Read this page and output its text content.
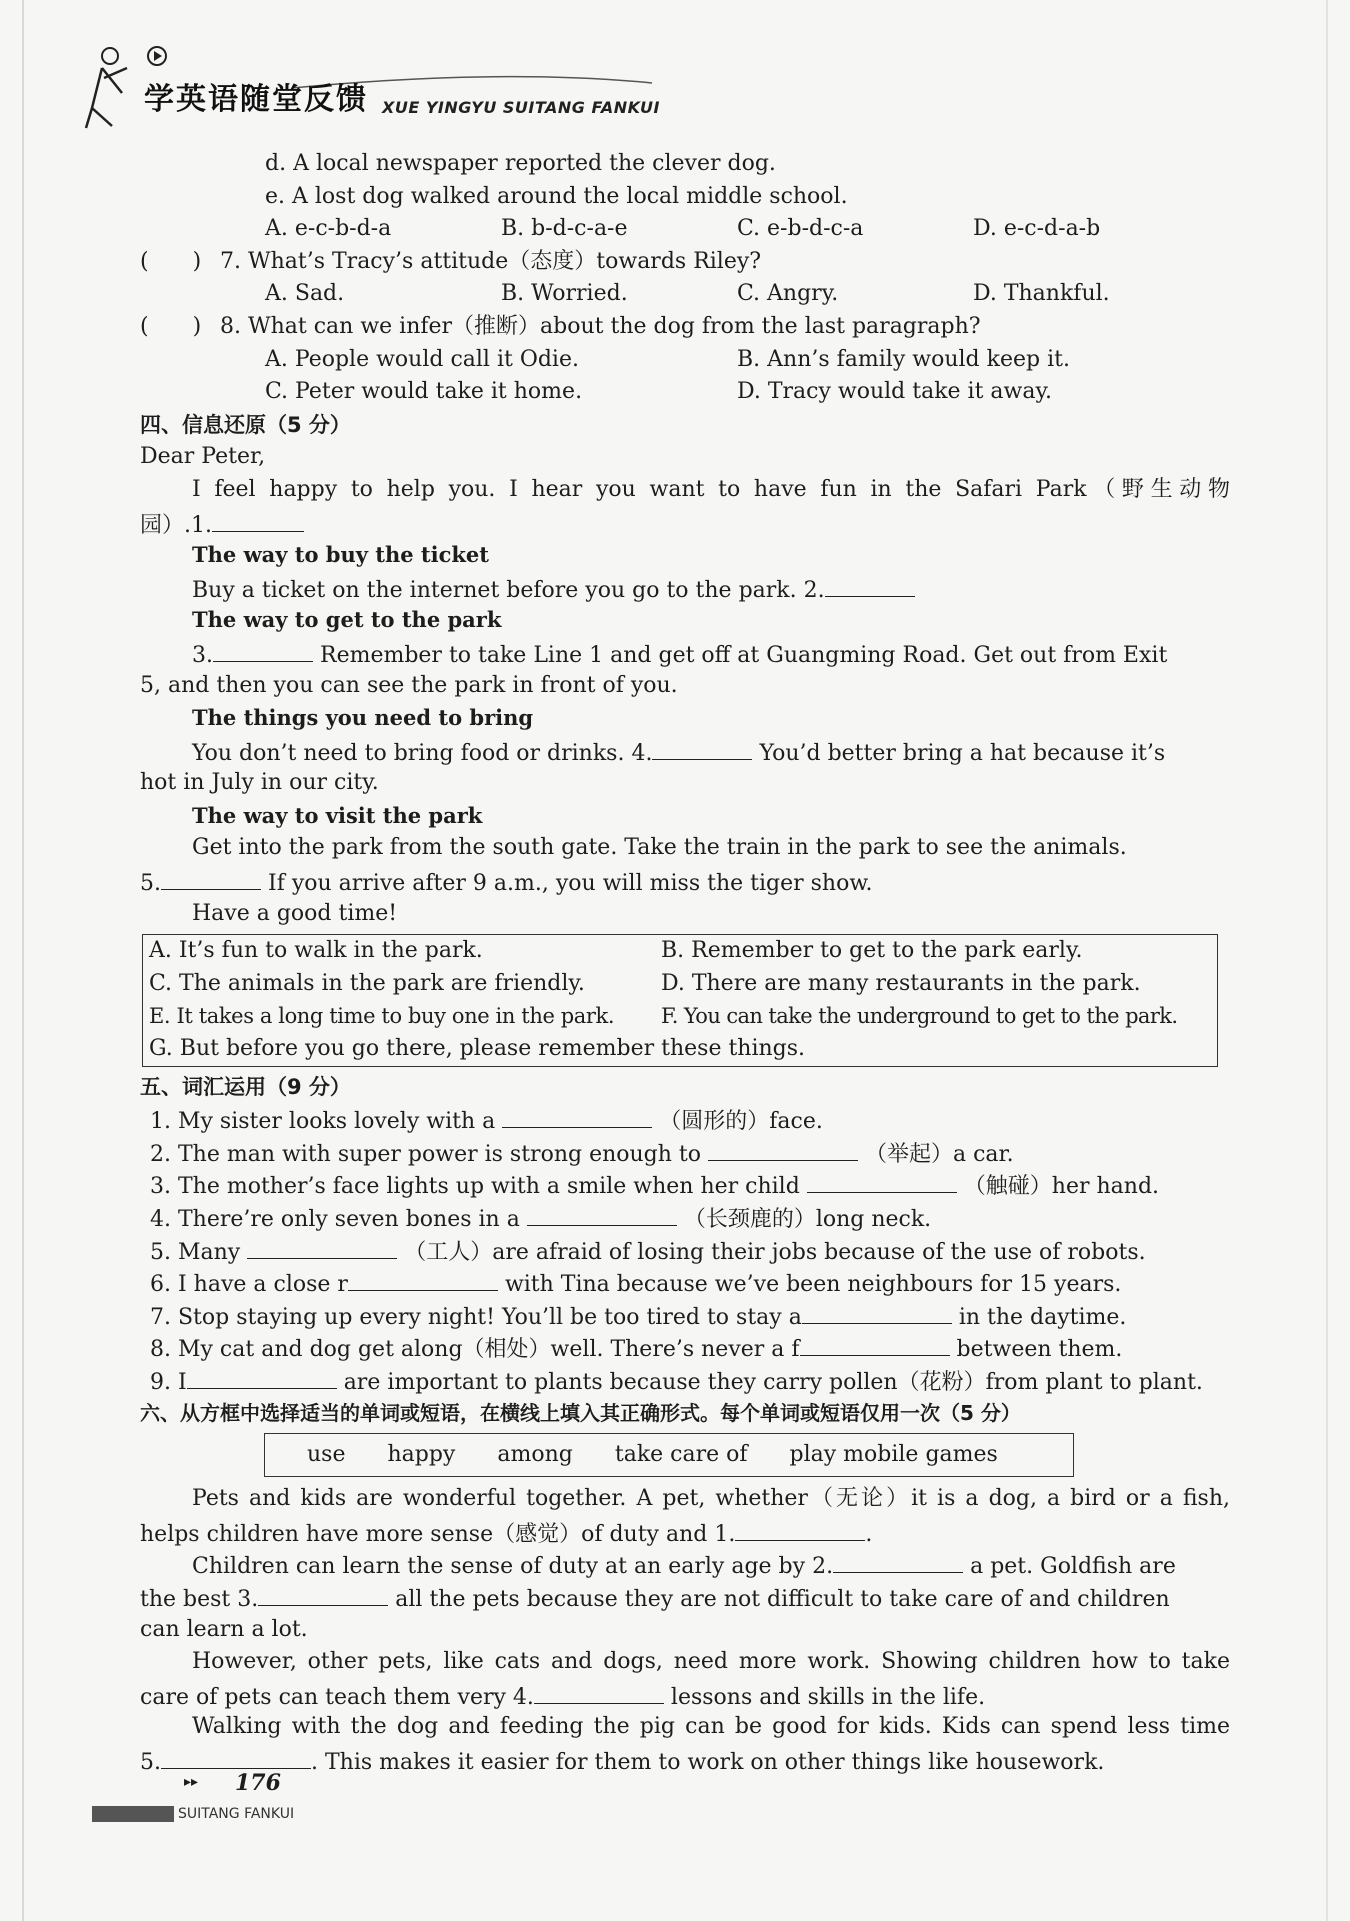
学英语随堂反馈 XUE YINGYU SUITANG FANKUI
d. A local newspaper reported the clever dog.
e. A lost dog walked around the local middle school.
A. e-c-b-d-a	B. b-d-c-a-e	C. e-b-d-c-a	D. e-c-d-a-b
(　　) 7. What’s Tracy’s attitude（态度）towards Riley?
A. Sad.	B. Worried.	C. Angry.	D. Thankful.
(　　) 8. What can we infer（推断）about the dog from the last paragraph?
A. People would call it Odie.	B. Ann’s family would keep it.
C. Peter would take it home.	D. Tracy would take it away.
四、信息还原（5 分）
Dear Peter,
I feel happy to help you. I hear you want to have fun in the Safari Park（野生动物
园）.1.
The way to buy the ticket
Buy a ticket on the internet before you go to the park. 2.
The way to get to the park
3.	Remember to take Line 1 and get off at Guangming Road. Get out from Exit
5, and then you can see the park in front of you.
The things you need to bring
You don’t need to bring food or drinks. 4.	You’d better bring a hat because it’s
hot in July in our city.
The way to visit the park
Get into the park from the south gate. Take the train in the park to see the animals.
5.	If you arrive after 9 a.m., you will miss the tiger show.
Have a good time!
A. It’s fun to walk in the park.	B. Remember to get to the park early.
C. The animals in the park are friendly.	D. There are many restaurants in the park.
E. It takes a long time to buy one in the park. F. You can take the underground to get to the park.
G. But before you go there, please remember these things.
五、词汇运用（9 分）
1. My sister looks lovely with a	（圆形的）face.
2. The man with super power is strong enough to	（举起）a car.
3. The mother’s face lights up with a smile when her child	（触碰）her hand.
4. There’re only seven bones in a	（长颈鹿的）long neck.
5. Many	（工人）are afraid of losing their jobs because of the use of robots.
6. I have a close r	with Tina because we’ve been neighbours for 15 years.
7. Stop staying up every night! You’ll be too tired to stay a	in the daytime.
8. My cat and dog get along（相处）well. There’s never a f	between them.
9. I	are important to plants because they carry pollen（花粉）from plant to plant.
六、从方框中选择适当的单词或短语，在横线上填入其正确形式。每个单词或短语仅用一次（5 分）
use happy among take care of play mobile games
Pets and kids are wonderful together. A pet, whether（无论）it is a dog, a bird or a fish,
helps children have more sense（感觉）of duty and 1.	.
Children can learn the sense of duty at an early age by 2.	a pet. Goldfish are
the best 3.	all the pets because they are not difficult to take care of and children
can learn a lot.
However, other pets, like cats and dogs, need more work. Showing children how to take
care of pets can teach them very 4.	lessons and skills in the life.
Walking with the dog and feeding the pig can be good for kids. Kids can spend less time
5.	. This makes it easier for them to work on other things like housework.
▸▸ 176
SUITANG FANKUI
